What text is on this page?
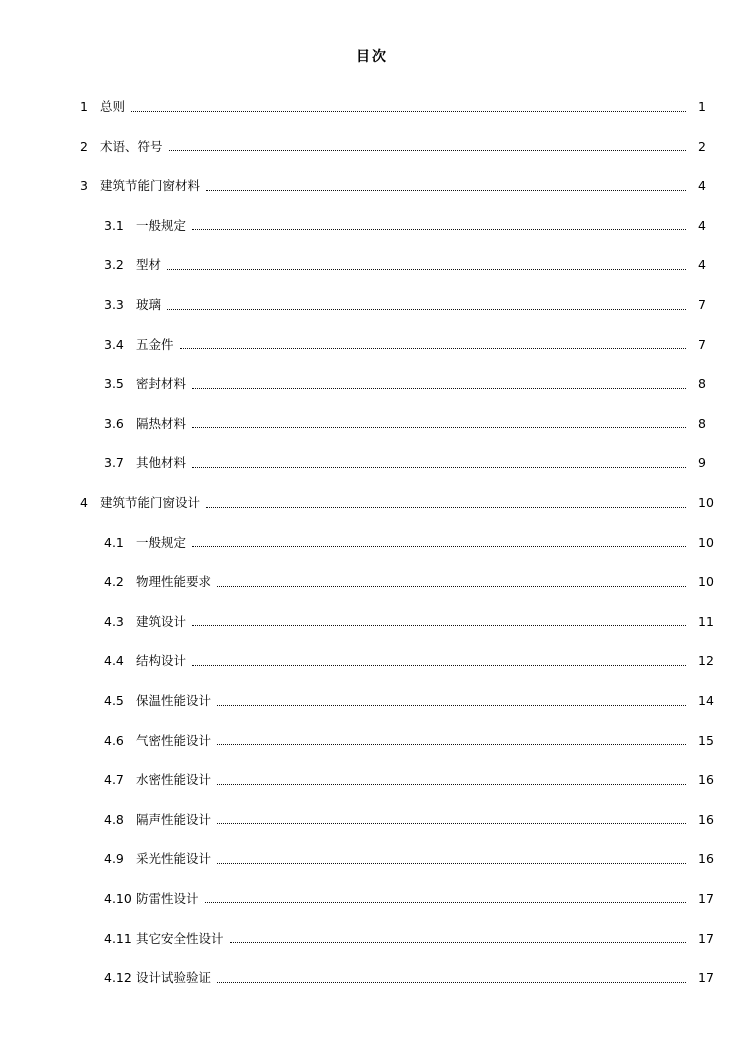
目次
1 总则	1
2 术语、符号	2
3 建筑节能门窗材料	4
3.1 一般规定	4
3.2 型材	4
3.3 玻璃	7
3.4 五金件	7
3.5 密封材料	8
3.6 隔热材料	8
3.7 其他材料	9
4 建筑节能门窗设计	10
4.1 一般规定	10
4.2 物理性能要求	10
4.3 建筑设计	11
4.4 结构设计	12
4.5 保温性能设计	14
4.6 气密性能设计	15
4.7 水密性能设计	16
4.8 隔声性能设计	16
4.9 采光性能设计	16
4.10 防雷性设计	17
4.11 其它安全性设计	17
4.12 设计试验验证	17
